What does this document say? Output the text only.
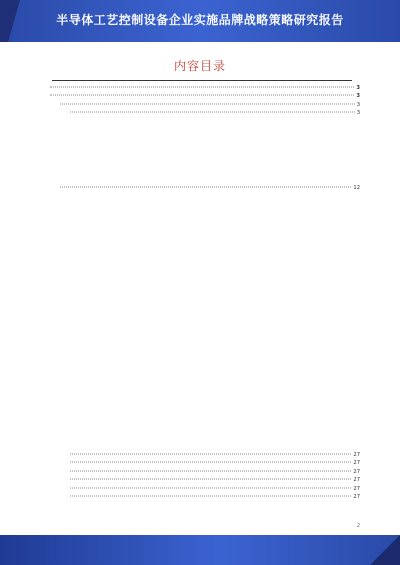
半导体工艺控制设备企业实施品牌战略策略研究报告
内容目录
3
3
3
3
12
27
27
27
27
27
27
2
